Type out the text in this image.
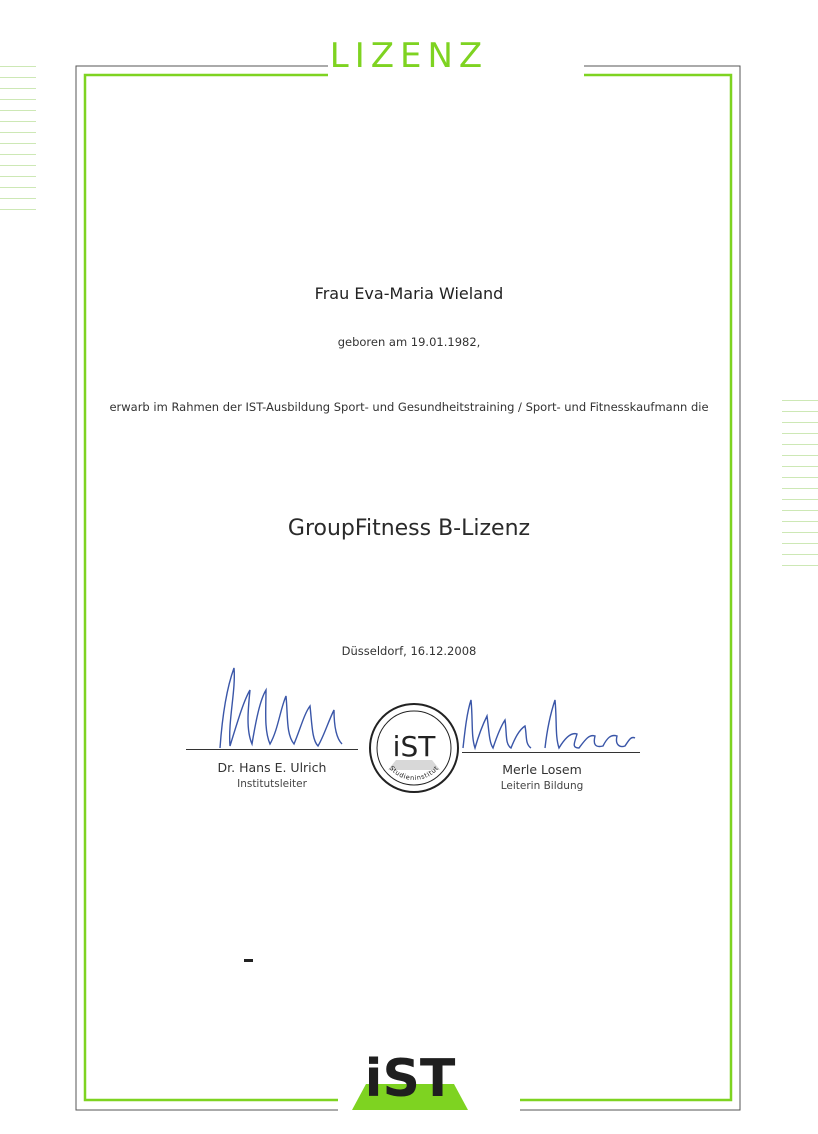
LIZENZ
Frau Eva-Maria Wieland
geboren am 19.01.1982,
erwarb im Rahmen der IST-Ausbildung Sport- und Gesundheitstraining / Sport- und Fitnesskaufmann die
GroupFitness B-Lizenz
Düsseldorf, 16.12.2008
Dr. Hans E. Ulrich
Institutsleiter
Merle Losem
Leiterin Bildung
iST
Studieninstitut
iST
